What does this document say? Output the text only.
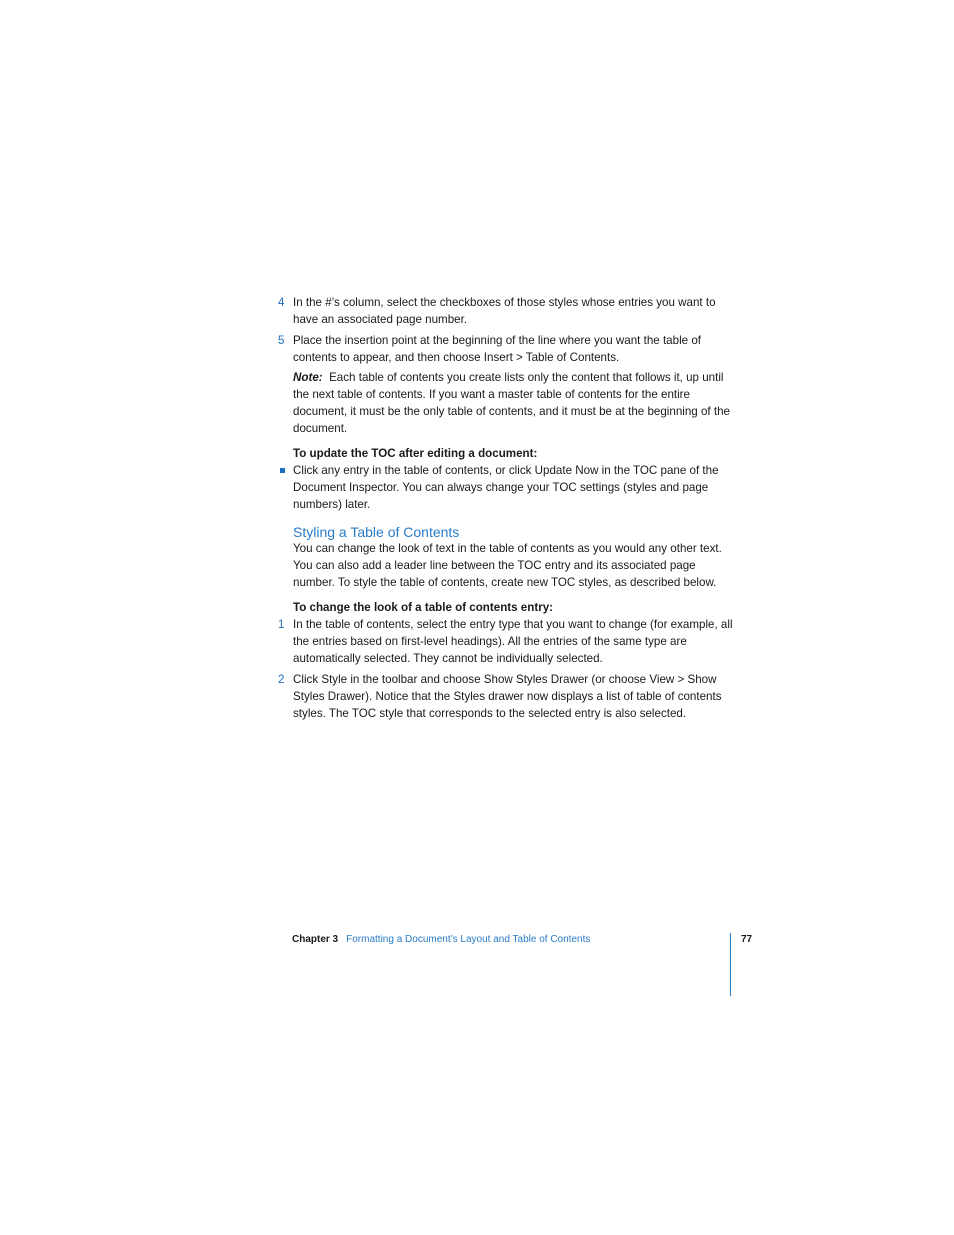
4 In the #’s column, select the checkboxes of those styles whose entries you want to have an associated page number.
5 Place the insertion point at the beginning of the line where you want the table of contents to appear, and then choose Insert > Table of Contents.
Note: Each table of contents you create lists only the content that follows it, up until the next table of contents. If you want a master table of contents for the entire document, it must be the only table of contents, and it must be at the beginning of the document.
To update the TOC after editing a document:
Click any entry in the table of contents, or click Update Now in the TOC pane of the Document Inspector. You can always change your TOC settings (styles and page numbers) later.
Styling a Table of Contents
You can change the look of text in the table of contents as you would any other text. You can also add a leader line between the TOC entry and its associated page number. To style the table of contents, create new TOC styles, as described below.
To change the look of a table of contents entry:
1 In the table of contents, select the entry type that you want to change (for example, all the entries based on first-level headings). All the entries of the same type are automatically selected. They cannot be individually selected.
2 Click Style in the toolbar and choose Show Styles Drawer (or choose View > Show Styles Drawer). Notice that the Styles drawer now displays a list of table of contents styles. The TOC style that corresponds to the selected entry is also selected.
Chapter 3 Formatting a Document’s Layout and Table of Contents	77
